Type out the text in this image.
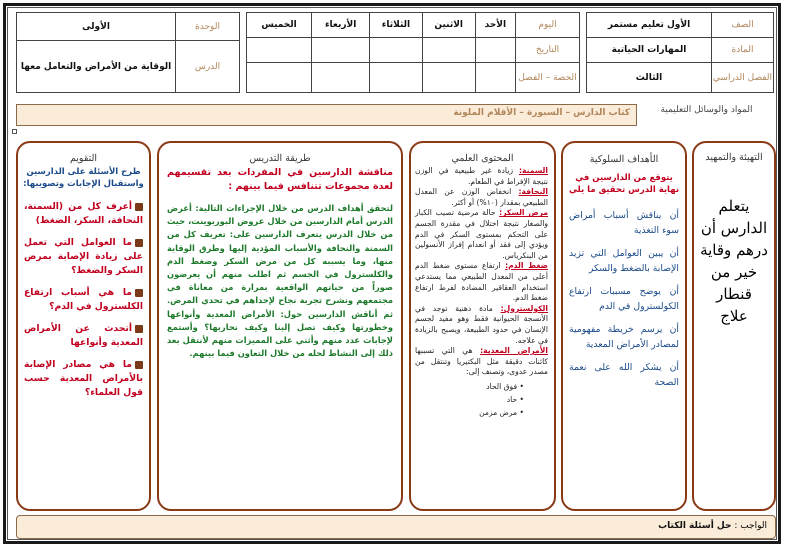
الأول تعليم مستمر	الصف
المهارات الحياتية	المادة
الثالث	الفصل الدراسي
الخميس	الأربعاء	الثلاثاء	الاثنين	الأحد	اليوم
					التاريخ
					الحصة – الفصل
الأولى	الوحدة
الوقاية من الأمراض والتعامل معها	الدرس
المواد والوسائل التعليمية
كتاب الدارس – السبورة – الأقلام الملونة
التهيئة والتمهيد
يتعلم الدارس أن درهم وقاية خير من قنطار علاج
الأهداف السلوكية
يتوقع من الدارسين في نهاية الدرس تحقيق ما يلي
أن يناقش أسباب أمراض سوء التغذية
أن يبين العوامل التي تزيد الإصابة بالضغط والسكر
أن يوضح مسببات ارتفاع الكولسترول في الدم
أن يرسم خريطة مفهومية لمصادر الأمراض المعدية
أن يشكر الله على نعمة الصحة
المحتوى العلمي
السمنة: زيادة غير طبيعية في الوزن نتيجة الإفراط في الطعام.
النحافة: انخفاض الوزن عن المعدل الطبيعي بمقدار (١٠%) أو أكثر.
مرض السكر: حالة مرضية تصيب الكبار والصغار نتيجة اختلال في مقدرة الجسم على التحكم بمستوى السكر في الدم ويؤدي إلى فقد أو انعدام إفراز الأنسولين من البنكرياس.
ضغط الدم: ارتفاع مستوى ضغط الدم أعلى من المعدل الطبيعي مما يستدعي استخدام العقاقير المضادة لفرط ارتفاع ضغط الدم.
الكولسترول: مادة دهنية توجد في الأنسجة الحيوانية فقط وهو مفيد لجسم الإنسان في حدود الطبيعة، ويصبح بالزيادة في علاجه.
الأمراض المعدية: هي التي تسببها كائنات دقيقة مثل البكتيريا وتنتقل من مصدر عدوى، وتصنف إلى:
• فوق الحاد
• حاد
• مرض مزمن
طريقة التدريس
مناقشة الدارسين في المفردات بعد تقسيمهم لعدة مجموعات تتنافس فيما بينهم :
لتحقق أهداف الدرس من خلال الإجراءات التالية: أعرض الدرس أمام الدارسين من خلال عروض البوربوينت، حيث من خلال الدرس يتعرف الدارسين على: تعريف كل من السمنة والنحافة والأسباب المؤدية إليها وطرق الوقاية منها، وما يسببه كل من مرض السكر وضغط الدم والكلسترول في الجسم ثم اطلب منهم أن يعرضون صوراً من حياتهم الواقعية بمرارة من معاناة في مجتمعهم ونشرح تجربة نجاح لإحداهم في تحدي المرض. ثم أناقش الدارسين حول: الأمراض المعدية وأنواعها وخطورتها وكيف تصل إلينا وكيف نحاربها؟ وأستمع لإجابات عدد منهم وأثني على المميزات منهم لأنتقل بعد ذلك إلى النشاط لحله من خلال التعاون فيما بينهم.
التقويم
طرح الأسئلة على الدارسين واستقبال الإجابات وتصويبها:
أعرف كل من (السمنة، النحافة، السكر، الضغط)
ما العوامل التي تعمل على زيادة الإصابة بمرض السكر والضغط؟
ما هي أسباب ارتفاع الكلسترول في الدم؟
أتحدث عن الأمراض المعدية وأنواعها
ما هي مصادر الإصابة بالأمراض المعدية حسب قول العلماء؟
الواجب : حل أسئلة الكتاب
